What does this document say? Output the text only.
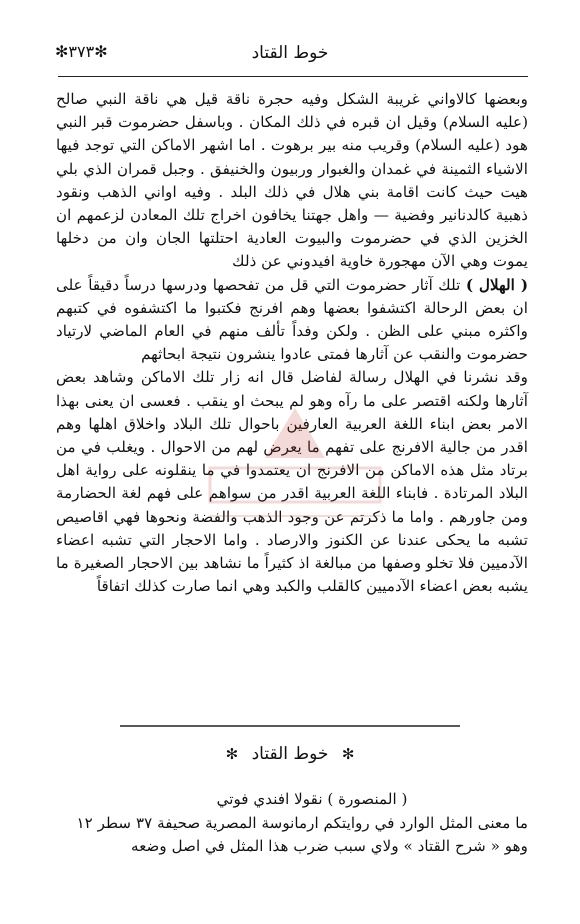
خوط القتاد
✻٣٧٣✻

وبعضها كالاواني غريبة الشكل وفيه حجرة ناقة قيل هي ناقة النبي صالح (عليه السلام) وقيل ان قبره في ذلك المكان . وباسفل حضرموت قبر النبي هود (عليه السلام) وقريب منه بير برهوت . اما اشهر الاماكن التي توجد فيها الاشياء الثمينة في غمدان والغبوار وربيون والخنيفق . وجبل قمران الذي بلي هيت حيث كانت اقامة بني هلال في ذلك البلد . وفيه اواني الذهب ونقود ذهبية كالدنانير وفضية — واهل جهتنا يخافون اخراج تلك المعادن لزعمهم ان الخزين الذي في حضرموت والبيوت العادية احتلتها الجان وان من دخلها يموت وهي الآن مهجورة خاوية افيدوني عن ذلك

( الهلال ) تلك آثار حضرموت التي قل من تفحصها ودرسها درساً دقيقاً على ان بعض الرحالة اكتشفوا بعضها وهم افرنج فكتبوا ما اكتشفوه في كتبهم واكثره مبني على الظن . ولكن وفداً تألف منهم في العام الماضي لارتياد حضرموت والنقب عن آثارها فمتى عادوا ينشرون نتيجة ابحاثهم

وقد نشرنا في الهلال رسالة لفاضل قال انه زار تلك الاماكن وشاهد بعض آثارها ولكنه اقتصر على ما رآه وهو لم يبحث او ينقب . فعسى ان يعنى بهذا الامر بعض ابناء اللغة العربية العارفين باحوال تلك البلاد واخلاق اهلها وهم اقدر من جالية الافرنج على تفهم ما يعرض لهم من الاحوال . ويغلب في من برتاد مثل هذه الاماكن من الافرنج ان يعتمدوا في ما ينقلونه على رواية اهل البلاد المرتادة . فابناء اللغة العربية اقدر من سواهم على فهم لغة الحضارمة ومن جاورهم . واما ما ذكرتم عن وجود الذهب والفضة ونحوها فهي اقاصيص تشبه ما يحكى عندنا عن الكنوز والارصاد . واما الاحجار التي تشبه اعضاء الآدميين فلا تخلو وصفها من مبالغة اذ كثيراً ما نشاهد بين الاحجار الصغيرة ما يشبه بعض اعضاء الآدميين كالقلب والكبد وهي انما صارت كذلك اتفاقاً

✻ خوط القتاد ✻

( المنصورة ) نقولا افندي فوتي

ما معنى المثل الوارد في روايتكم ارمانوسة المصرية صحيفة ٣٧ سطر ١٢ وهو « شرح القتاد » ولاي سبب ضرب هذا المثل في اصل وضعه
